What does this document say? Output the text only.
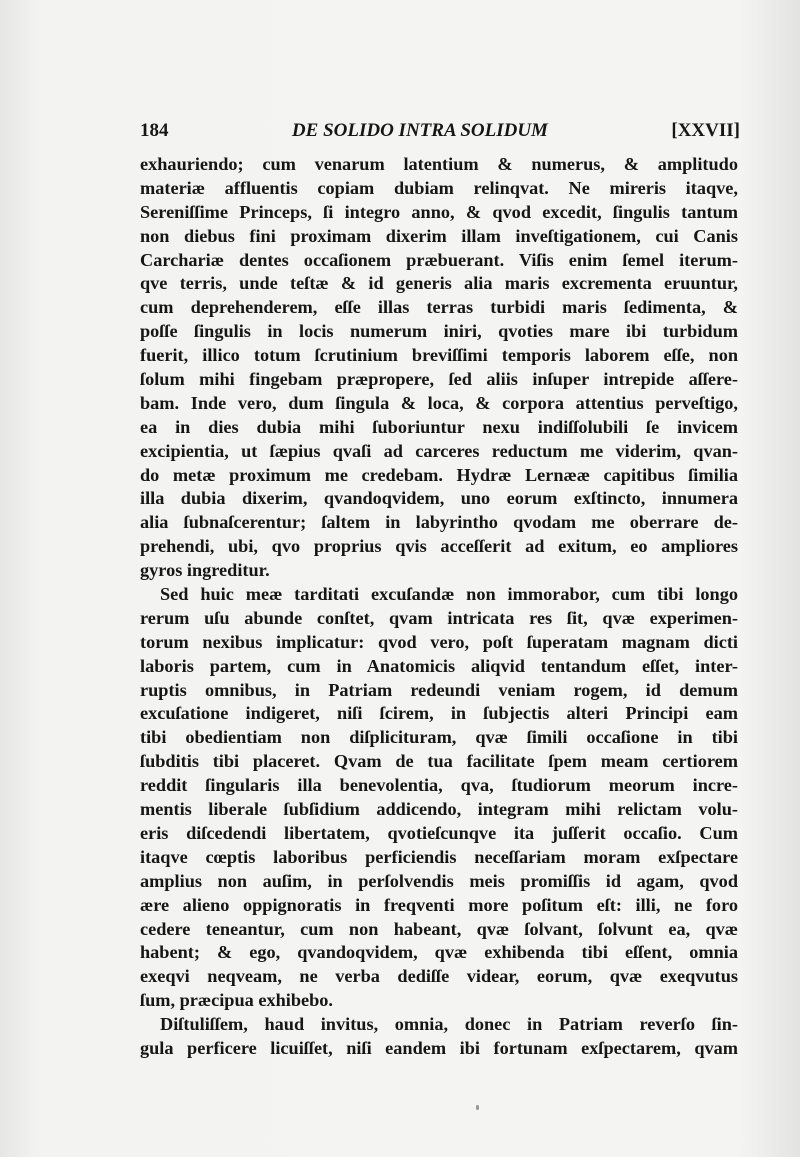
184	DE SOLIDO INTRA SOLIDUM	[XXVII]
exhauriendo; cum venarum latentium & numerus, & amplitudo
materiæ affluentis copiam dubiam relinqvat. Ne mireris itaqve,
Sereniſſime Princeps, ſi integro anno, & qvod excedit, ſingulis tantum
non diebus fini proximam dixerim illam inveſtigationem, cui Canis
Carchariæ dentes occaſionem præbuerant. Viſis enim ſemel iterum-
qve terris, unde teſtæ & id generis alia maris excrementa eruuntur,
cum deprehenderem, eſſe illas terras turbidi maris ſedimenta, &
poſſe ſingulis in locis numerum iniri, qvoties mare ibi turbidum
fuerit, illico totum ſcrutinium breviſſimi temporis laborem eſſe, non
ſolum mihi fingebam præpropere, ſed aliis inſuper intrepide aſſere-
bam. Inde vero, dum ſingula & loca, & corpora attentius perveſtigo,
ea in dies dubia mihi ſuboriuntur nexu indiſſolubili ſe invicem
excipientia, ut ſæpius qvaſi ad carceres reductum me viderim, qvan-
do metæ proximum me credebam. Hydræ Lernææ capitibus ſimilia
illa dubia dixerim, qvandoqvidem, uno eorum exſtincto, innumera
alia ſubnaſcerentur; ſaltem in labyrintho qvodam me oberrare de-
prehendi, ubi, qvo proprius qvis acceſſerit ad exitum, eo ampliores
gyros ingreditur.
Sed huic meæ tarditati excuſandæ non immorabor, cum tibi longo
rerum uſu abunde conſtet, qvam intricata res ſit, qvæ experimen-
torum nexibus implicatur: qvod vero, poſt ſuperatam magnam dicti
laboris partem, cum in Anatomicis aliqvid tentandum eſſet, inter-
ruptis omnibus, in Patriam redeundi veniam rogem, id demum
excuſatione indigeret, niſi ſcirem, in ſubjectis alteri Principi eam
tibi obedientiam non diſplicituram, qvæ ſimili occaſione in tibi
ſubditis tibi placeret. Qvam de tua facilitate ſpem meam certiorem
reddit ſingularis illa benevolentia, qva, ſtudiorum meorum incre-
mentis liberale ſubſidium addicendo, integram mihi relictam volu-
eris diſcedendi libertatem, qvotieſcunqve ita juſſerit occaſio. Cum
itaqve cœptis laboribus perficiendis neceſſariam moram exſpectare
amplius non auſim, in perſolvendis meis promiſſis id agam, qvod
ære alieno oppignoratis in freqventi more poſitum eſt: illi, ne foro
cedere teneantur, cum non habeant, qvæ ſolvant, ſolvunt ea, qvæ
habent; & ego, qvandoqvidem, qvæ exhibenda tibi eſſent, omnia
exeqvi neqveam, ne verba dediſſe videar, eorum, qvæ exeqvutus
ſum, præcipua exhibebo.
Diſtuliſſem, haud invitus, omnia, donec in Patriam reverſo ſin-
gula perficere licuiſſet, niſi eandem ibi fortunam exſpectarem, qvam
